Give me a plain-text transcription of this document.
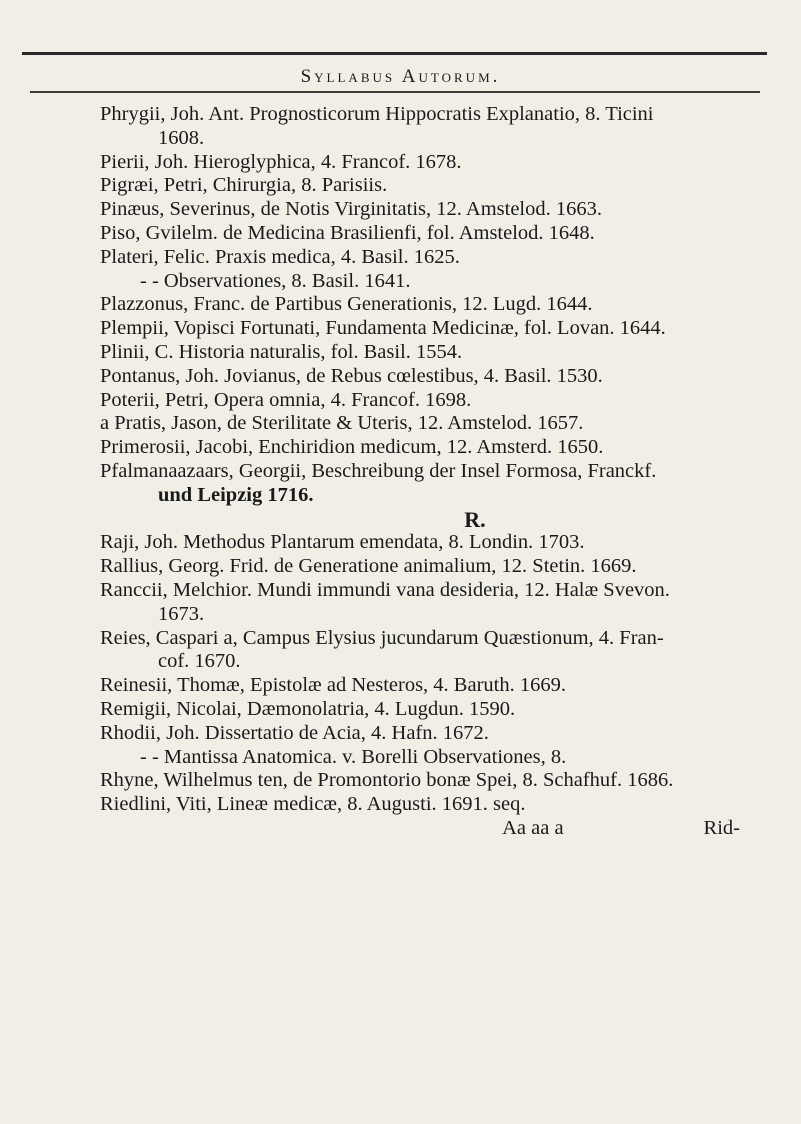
Syllabus Autorum.
Phrygii, Joh. Ant. Prognosticorum Hippocratis Explanatio, 8. Ticini
1608.
Pierii, Joh. Hieroglyphica, 4. Francof. 1678.
Pigræi, Petri, Chirurgia, 8. Parisiis.
Pinæus, Severinus, de Notis Virginitatis, 12. Amstelod. 1663.
Piso, Gvilelm. de Medicina Brasilienfi, fol. Amstelod. 1648.
Plateri, Felic. Praxis medica, 4. Basil. 1625.
- - Observationes, 8. Basil. 1641.
Plazzonus, Franc. de Partibus Generationis, 12. Lugd. 1644.
Plempii, Vopisci Fortunati, Fundamenta Medicinæ, fol. Lovan. 1644.
Plinii, C. Historia naturalis, fol. Basil. 1554.
Pontanus, Joh. Jovianus, de Rebus cœlestibus, 4. Basil. 1530.
Poterii, Petri, Opera omnia, 4. Francof. 1698.
a Pratis, Jason, de Sterilitate & Uteris, 12. Amstelod. 1657.
Primerosii, Jacobi, Enchiridion medicum, 12. Amsterd. 1650.
Pfalmanaazaars, Georgii, Beschreibung der Insel Formosa, Franckf.
und Leipzig 1716.
R.
Raji, Joh. Methodus Plantarum emendata, 8. Londin. 1703.
Rallius, Georg. Frid. de Generatione animalium, 12. Stetin. 1669.
Ranccii, Melchior. Mundi immundi vana desideria, 12. Halæ Svevon.
1673.
Reies, Caspari a, Campus Elysius jucundarum Quæstionum, 4. Fran-
cof. 1670.
Reinesii, Thomæ, Epistolæ ad Nesteros, 4. Baruth. 1669.
Remigii, Nicolai, Dæmonolatria, 4. Lugdun. 1590.
Rhodii, Joh. Dissertatio de Acia, 4. Hafn. 1672.
- - Mantissa Anatomica. v. Borelli Observationes, 8.
Rhyne, Wilhelmus ten, de Promontorio bonæ Spei, 8. Schafhuf. 1686.
Riedlini, Viti, Lineæ medicæ, 8. Augusti. 1691. seq.
Aa aa a	Rid-
